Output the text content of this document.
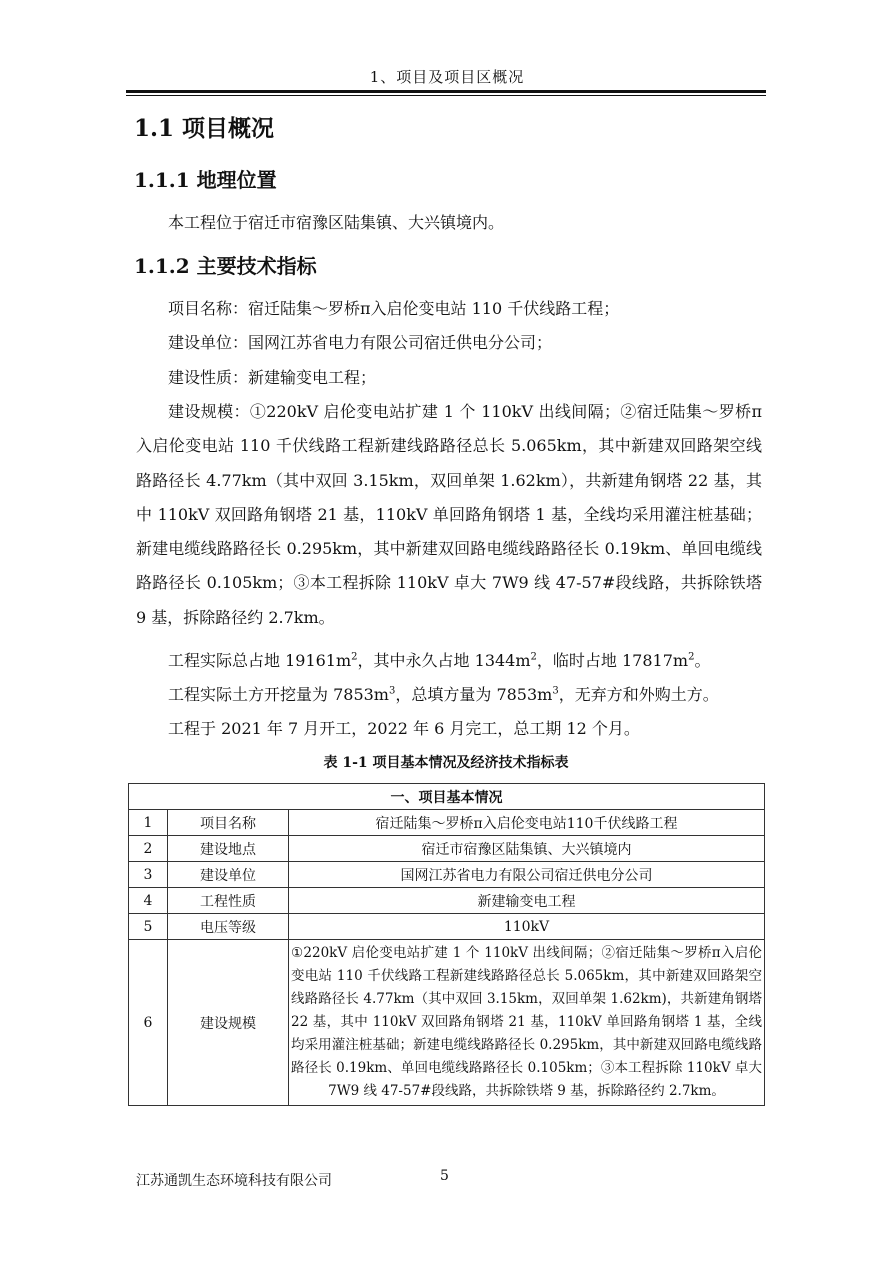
1、项目及项目区概况
1.1 项目概况
1.1.1 地理位置
本工程位于宿迁市宿豫区陆集镇、大兴镇境内。
1.1.2 主要技术指标
项目名称：宿迁陆集～罗桥π入启伦变电站 110 千伏线路工程；
建设单位：国网江苏省电力有限公司宿迁供电分公司；
建设性质：新建输变电工程；
建设规模：①220kV 启伦变电站扩建 1 个 110kV 出线间隔；②宿迁陆集～罗桥π入启伦变电站 110 千伏线路工程新建线路路径总长 5.065km，其中新建双回路架空线路路径长 4.77km（其中双回 3.15km，双回单架 1.62km），共新建角钢塔 22 基，其中 110kV 双回路角钢塔 21 基，110kV 单回路角钢塔 1 基，全线均采用灌注桩基础；新建电缆线路路径长 0.295km，其中新建双回路电缆线路路径长 0.19km、单回电缆线路路径长 0.105km；③本工程拆除 110kV 卓大 7W9 线 47-57#段线路，共拆除铁塔 9 基，拆除路径约 2.7km。
工程实际总占地 $19161m^2$，其中永久占地 $1344m^2$，临时占地 $17817m^2$。
工程实际土方开挖量为 $7853m^3$，总填方量为 $7853m^3$，无弃方和外购土方。
工程于 2021 年 7 月开工，2022 年 6 月完工，总工期 12 个月。
表 1-1 项目基本情况及经济技术指标表
一、项目基本情况		
1	项目名称	宿迁陆集～罗桥π入启伦变电站110千伏线路工程
2	建设地点	宿迁市宿豫区陆集镇、大兴镇境内
3	建设单位	国网江苏省电力有限公司宿迁供电分公司
4	工程性质	新建输变电工程
5	电压等级	110kV
6	建设规模	①220kV 启伦变电站扩建 1 个 110kV 出线间隔；②宿迁陆集～罗桥π入启伦变电站 110 千伏线路工程新建线路路径总长 5.065km，其中新建双回路架空线路路径长 4.77km（其中双回 3.15km，双回单架 1.62km)，共新建角钢塔 22 基，其中 110kV 双回路角钢塔 21 基，110kV 单回路角钢塔 1 基，全线均采用灌注桩基础；新建电缆线路路径长 0.295km，其中新建双回路电缆线路路径长 0.19km、单回电缆线路路径长 0.105km；③本工程拆除 110kV 卓大 7W9 线 47-57#段线路，共拆除铁塔 9 基，拆除路径约 2.7km。
江苏通凯生态环境科技有限公司	5
